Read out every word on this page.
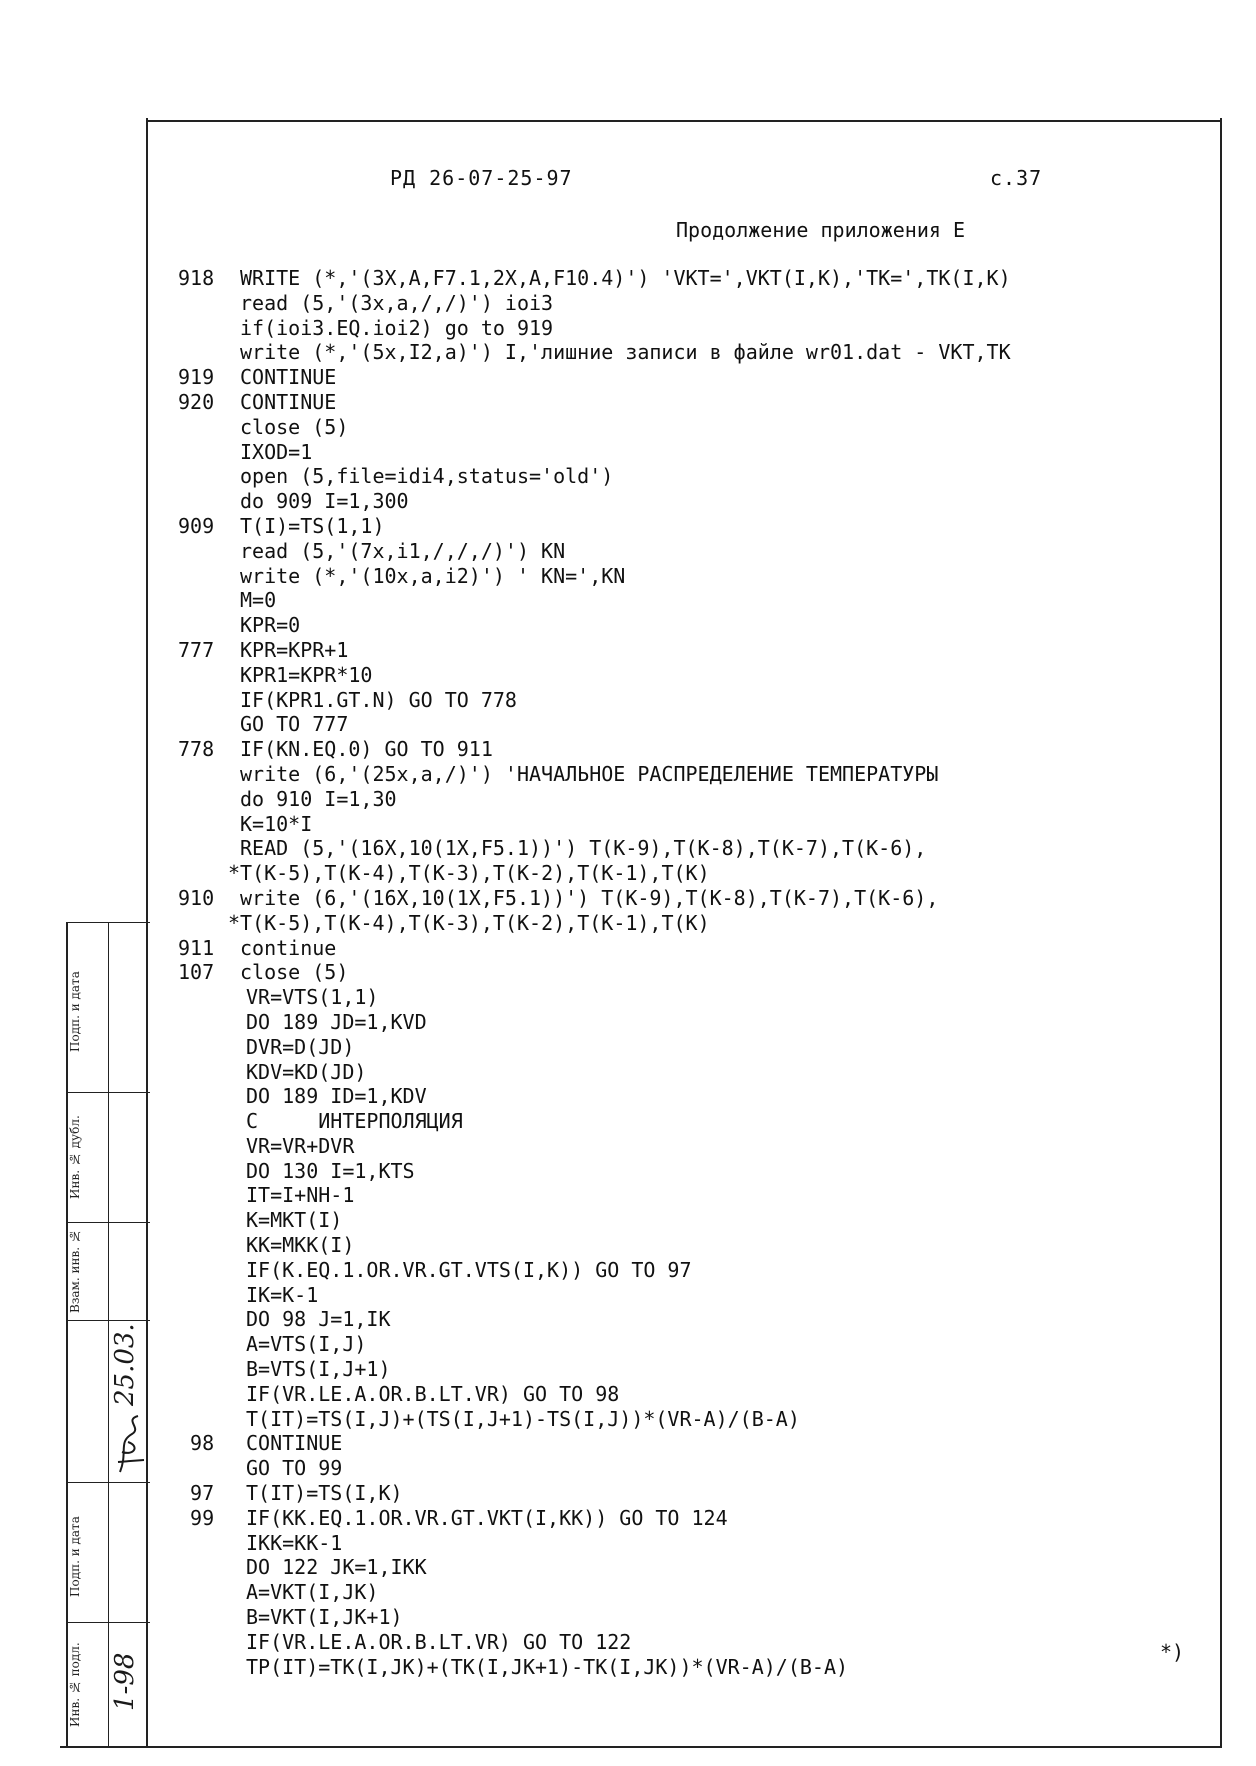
РД 26-07-25-97	с.37
Продолжение приложения Е
918	WRITE (*,'(3X,A,F7.1,2X,A,F10.4)') 'VKT=',VKT(I,K),'TK=',TK(I,K)
read (5,'(3x,a,/,/)') ioi3
if(ioi3.EQ.ioi2) go to 919
write (*,'(5x,I2,a)') I,'лишние записи в файле wr01.dat - VKT,TK
919	CONTINUE
920	CONTINUE
close (5)
IXOD=1
open (5,file=idi4,status='old')
do 909 I=1,300
909	T(I)=TS(1,1)
read (5,'(7x,i1,/,/,/)') KN
write (*,'(10x,a,i2)') ' KN=',KN
M=0
KPR=0
777	KPR=KPR+1
KPR1=KPR*10
IF(KPR1.GT.N) GO TO 778
GO TO 777
778	IF(KN.EQ.0) GO TO 911
write (6,'(25x,a,/)') 'НАЧАЛЬНОЕ РАСПРЕДЕЛЕНИЕ ТЕМПЕРАТУРЫ
do 910 I=1,30
K=10*I
READ (5,'(16X,10(1X,F5.1))') T(K-9),T(K-8),T(K-7),T(K-6),
*T(K-5),T(K-4),T(K-3),T(K-2),T(K-1),T(K)
910	write (6,'(16X,10(1X,F5.1))') T(K-9),T(K-8),T(K-7),T(K-6),
*T(K-5),T(K-4),T(K-3),T(K-2),T(K-1),T(K)
911	continue
107	close (5)
VR=VTS(1,1)
DO 189 JD=1,KVD
DVR=D(JD)
KDV=KD(JD)
DO 189 ID=1,KDV
C     ИНТЕРПОЛЯЦИЯ
VR=VR+DVR
DO 130 I=1,KTS
IT=I+NH-1
K=MKT(I)
KK=MKK(I)
IF(K.EQ.1.OR.VR.GT.VTS(I,K)) GO TO 97
IK=K-1
DO 98 J=1,IK
A=VTS(I,J)
B=VTS(I,J+1)
IF(VR.LE.A.OR.B.LT.VR) GO TO 98
T(IT)=TS(I,J)+(TS(I,J+1)-TS(I,J))*(VR-A)/(B-A)
98	CONTINUE
GO TO 99
97	T(IT)=TS(I,K)
99	IF(KK.EQ.1.OR.VR.GT.VKT(I,KK)) GO TO 124
IKK=KK-1
DO 122 JK=1,IKK
A=VKT(I,JK)
B=VKT(I,JK+1)
IF(VR.LE.A.OR.B.LT.VR) GO TO 122
TP(IT)=TK(I,JK)+(TK(I,JK+1)-TK(I,JK))*(VR-A)/(B-A)
*)
Подп. и дата
Инв. № дубл.
Взам. инв. №
Подп. и дата
Инв. № подл.
25.03.
1-98
